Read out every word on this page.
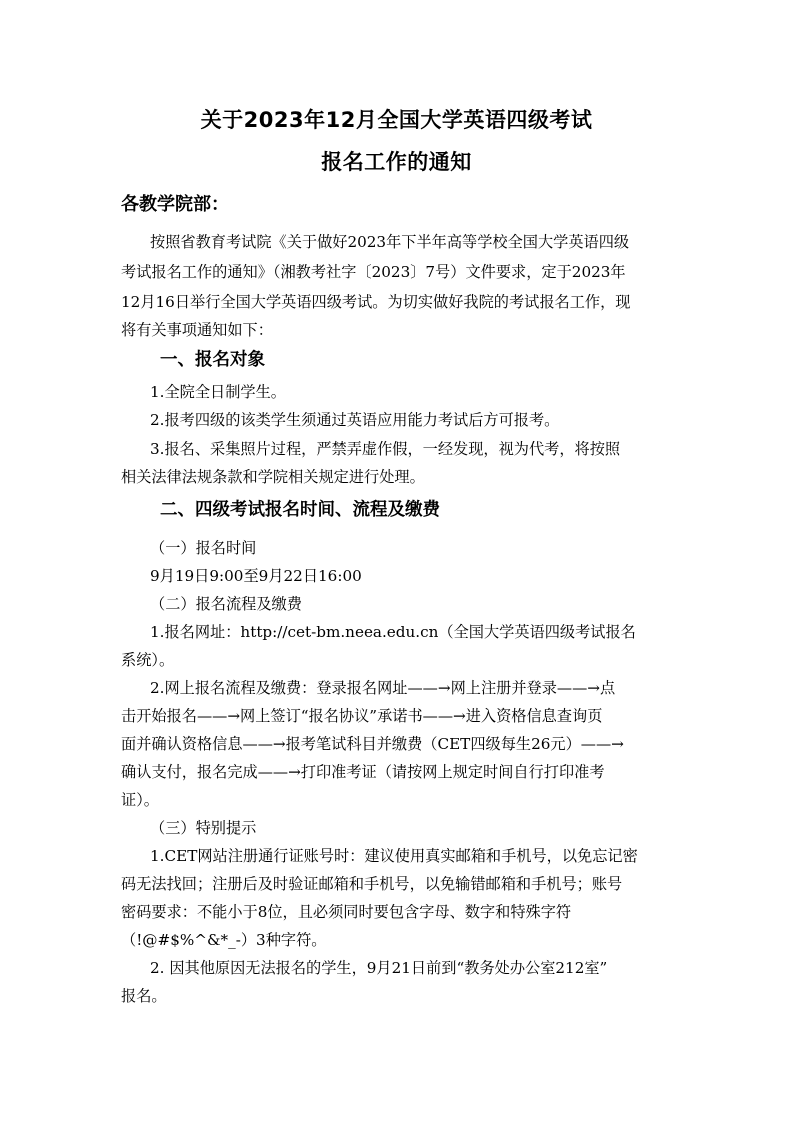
关于2023年12月全国大学英语四级考试
报名工作的通知
各教学院部：
按照省教育考试院《关于做好2023年下半年高等学校全国大学英语四级
考试报名工作的通知》（湘教考社字〔2023〕7号）文件要求，定于2023年
12月16日举行全国大学英语四级考试。为切实做好我院的考试报名工作，现
将有关事项通知如下：
一、报名对象
1.全院全日制学生。
2.报考四级的该类学生须通过英语应用能力考试后方可报考。
3.报名、采集照片过程，严禁弄虚作假，一经发现，视为代考，将按照
相关法律法规条款和学院相关规定进行处理。
二、四级考试报名时间、流程及缴费
（一）报名时间
9月19日9:00至9月22日16:00
（二）报名流程及缴费
1.报名网址：http://cet-bm.neea.edu.cn（全国大学英语四级考试报名
系统）。
2.网上报名流程及缴费：登录报名网址——→网上注册并登录——→点
击开始报名——→网上签订“报名协议”承诺书——→进入资格信息查询页
面并确认资格信息——→报考笔试科目并缴费（CET四级每生26元）——→
确认支付，报名完成——→打印准考证（请按网上规定时间自行打印准考
证）。
（三）特别提示
1.CET网站注册通行证账号时：建议使用真实邮箱和手机号，以免忘记密
码无法找回；注册后及时验证邮箱和手机号，以免输错邮箱和手机号；账号
密码要求：不能小于8位，且必须同时要包含字母、数字和特殊字符
（!@#$%^&*_-）3种字符。
2. 因其他原因无法报名的学生，9月21日前到“教务处办公室212室”
报名。
